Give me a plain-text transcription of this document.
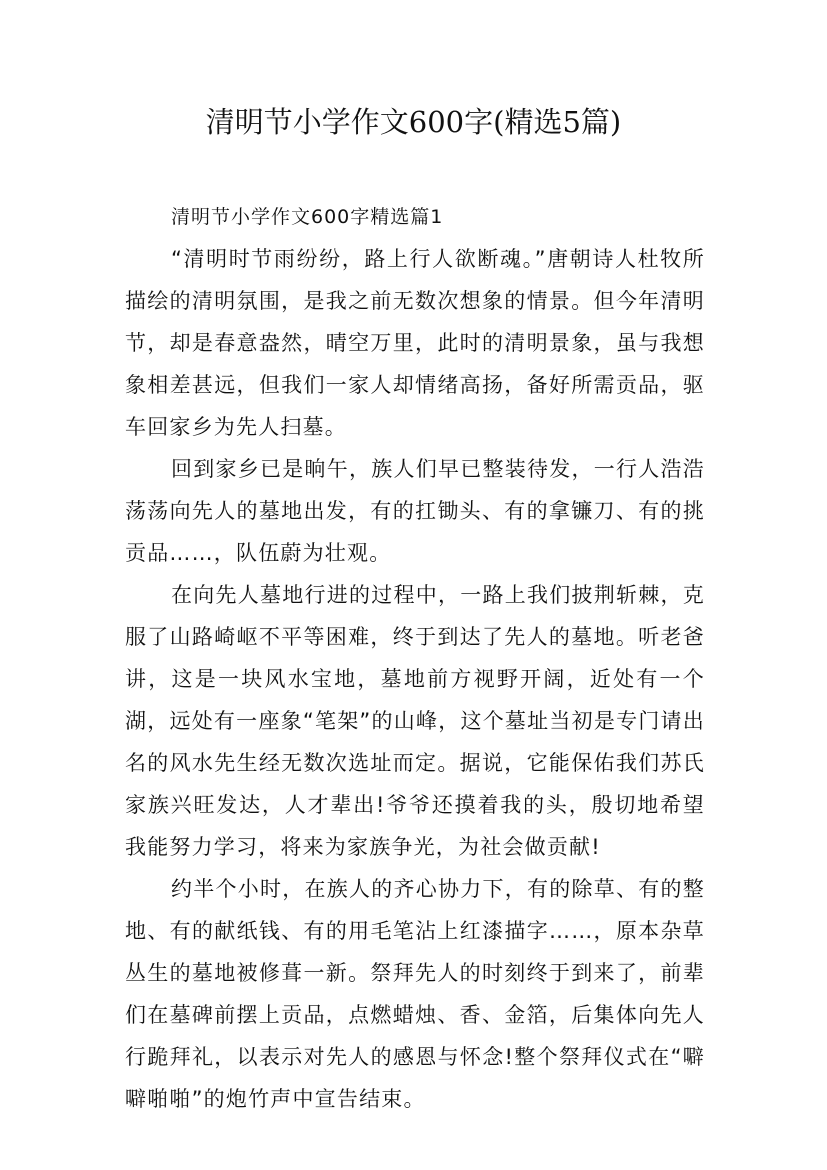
清明节小学作文600字(精选5篇)

清明节小学作文600字精选篇1

“清明时节雨纷纷，路上行人欲断魂。”唐朝诗人杜牧所描绘的清明氛围，是我之前无数次想象的情景。但今年清明节，却是春意盎然，晴空万里，此时的清明景象，虽与我想象相差甚远，但我们一家人却情绪高扬，备好所需贡品，驱车回家乡为先人扫墓。

回到家乡已是晌午，族人们早已整装待发，一行人浩浩荡荡向先人的墓地出发，有的扛锄头、有的拿镰刀、有的挑贡品……，队伍蔚为壮观。

在向先人墓地行进的过程中，一路上我们披荆斩棘，克服了山路崎岖不平等困难，终于到达了先人的墓地。听老爸讲，这是一块风水宝地，墓地前方视野开阔，近处有一个湖，远处有一座象“笔架”的山峰，这个墓址当初是专门请出名的风水先生经无数次选址而定。据说，它能保佑我们苏氏家族兴旺发达，人才辈出!爷爷还摸着我的头，殷切地希望我能努力学习，将来为家族争光，为社会做贡献!

约半个小时，在族人的齐心协力下，有的除草、有的整地、有的献纸钱、有的用毛笔沾上红漆描字……，原本杂草丛生的墓地被修葺一新。祭拜先人的时刻终于到来了，前辈们在墓碑前摆上贡品，点燃蜡烛、香、金箔，后集体向先人行跪拜礼，以表示对先人的感恩与怀念!整个祭拜仪式在“噼噼啪啪”的炮竹声中宣告结束。
